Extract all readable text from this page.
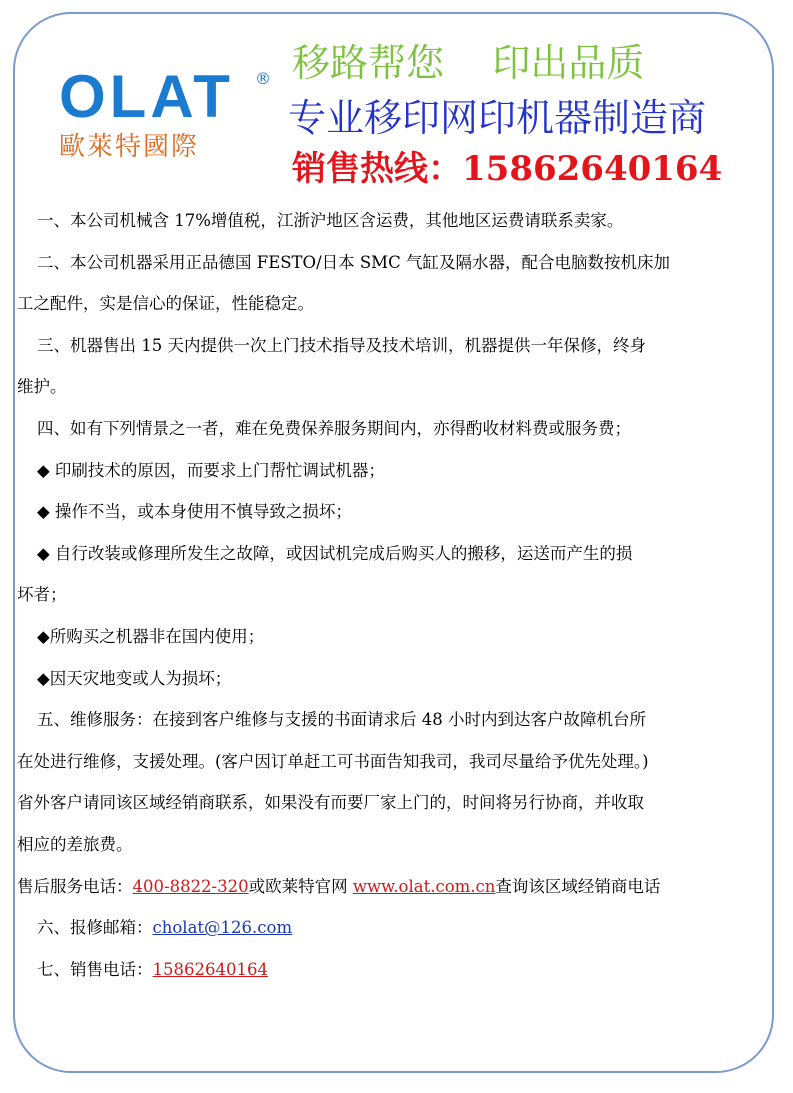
OLAT ®
歐萊特國際
移路帮您    印出品质
专业移印网印机器制造商
销售热线：15862640164
一、本公司机械含 17%增值税，江浙沪地区含运费，其他地区运费请联系卖家。
二、本公司机器采用正品德国 FESTO/日本 SMC 气缸及隔水器，配合电脑数按机床加
工之配件，实是信心的保证，性能稳定。
三、机器售出 15 天内提供一次上门技术指导及技术培训，机器提供一年保修，终身
维护。
四、如有下列情景之一者，难在免费保养服务期间内，亦得酌收材料费或服务费；
◆ 印刷技术的原因，而要求上门帮忙调试机器；
◆ 操作不当，或本身使用不慎导致之损坏；
◆ 自行改装或修理所发生之故障，或因试机完成后购买人的搬移，运送而产生的损
坏者；
◆所购买之机器非在国内使用；
◆因天灾地变或人为损坏；
五、维修服务：在接到客户维修与支援的书面请求后 48 小时内到达客户故障机台所
在处进行维修，支援处理。(客户因订单赶工可书面告知我司，我司尽量给予优先处理。)
省外客户请同该区域经销商联系，如果没有而要厂家上门的，时间将另行协商，并收取
相应的差旅费。
售后服务电话：400-8822-320或欧莱特官网 www.olat.com.cn查询该区域经销商电话
六、报修邮箱：cholat@126.com
七、销售电话：15862640164
